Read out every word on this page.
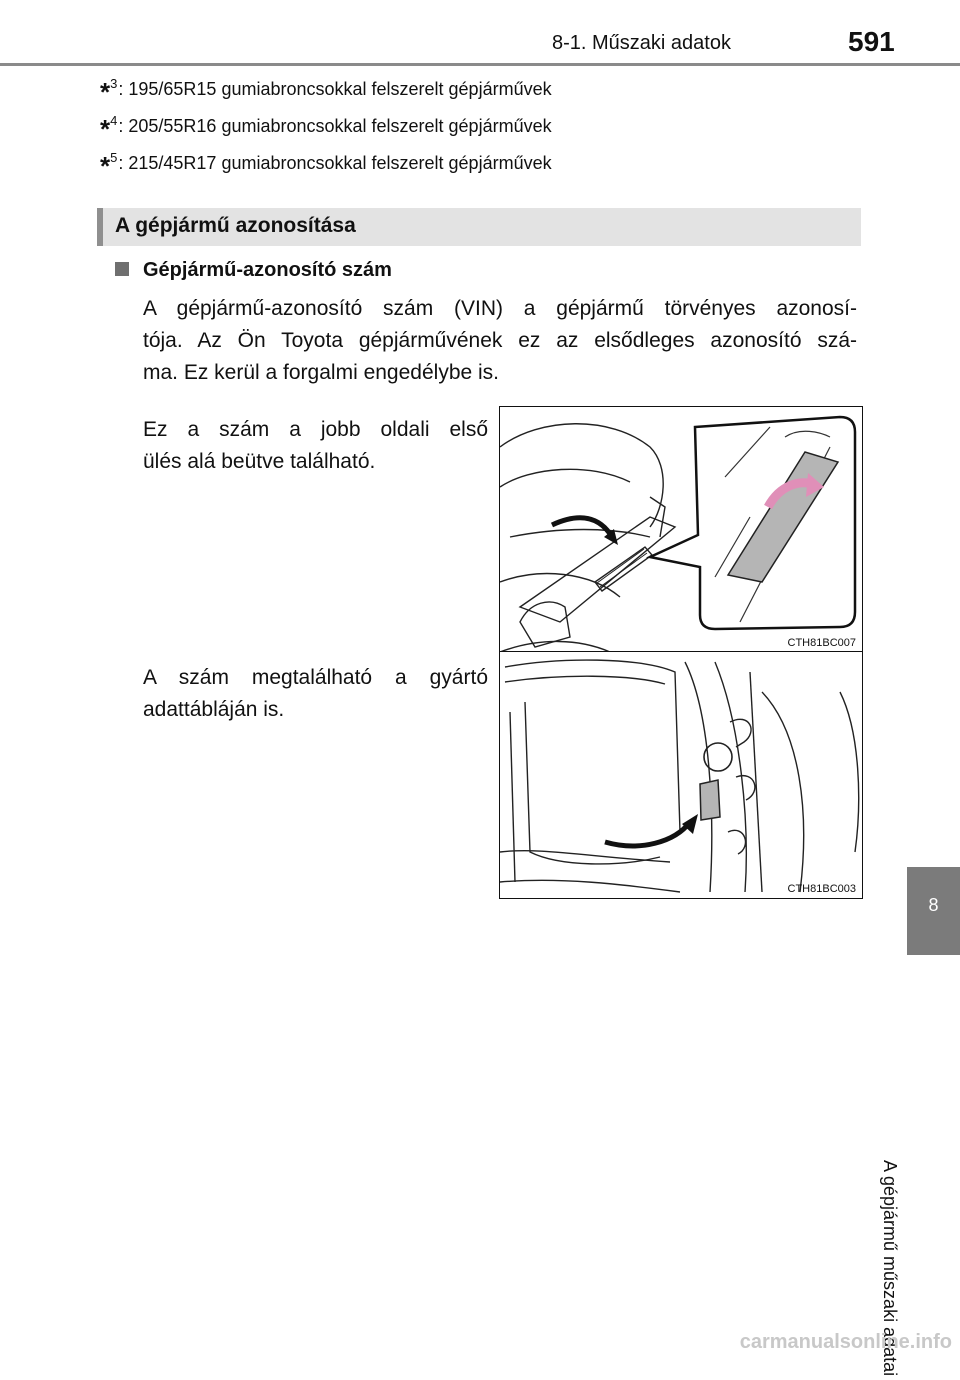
8-1. Műszaki adatok	591
*$^3$: 195/65R15 gumiabroncsokkal felszerelt gépjárművek
*$^4$: 205/55R16 gumiabroncsokkal felszerelt gépjárművek
*$^5$: 215/45R17 gumiabroncsokkal felszerelt gépjárművek
A gépjármű azonosítása
Gépjármű-azonosító szám
A gépjármű-azonosító szám (VIN) a gépjármű törvényes azonosí-
tója. Az Ön Toyota gépjárművének ez az elsődleges azonosító szá-
ma. Ez kerül a forgalmi engedélybe is.
Ez a szám a jobb oldali első
ülés alá beütve található.
CTH81BC007
A szám megtalálható a gyártó
adattábláján is.
CTH81BC003
8
A gépjármű műszaki adatai
carmanualsonline.info
